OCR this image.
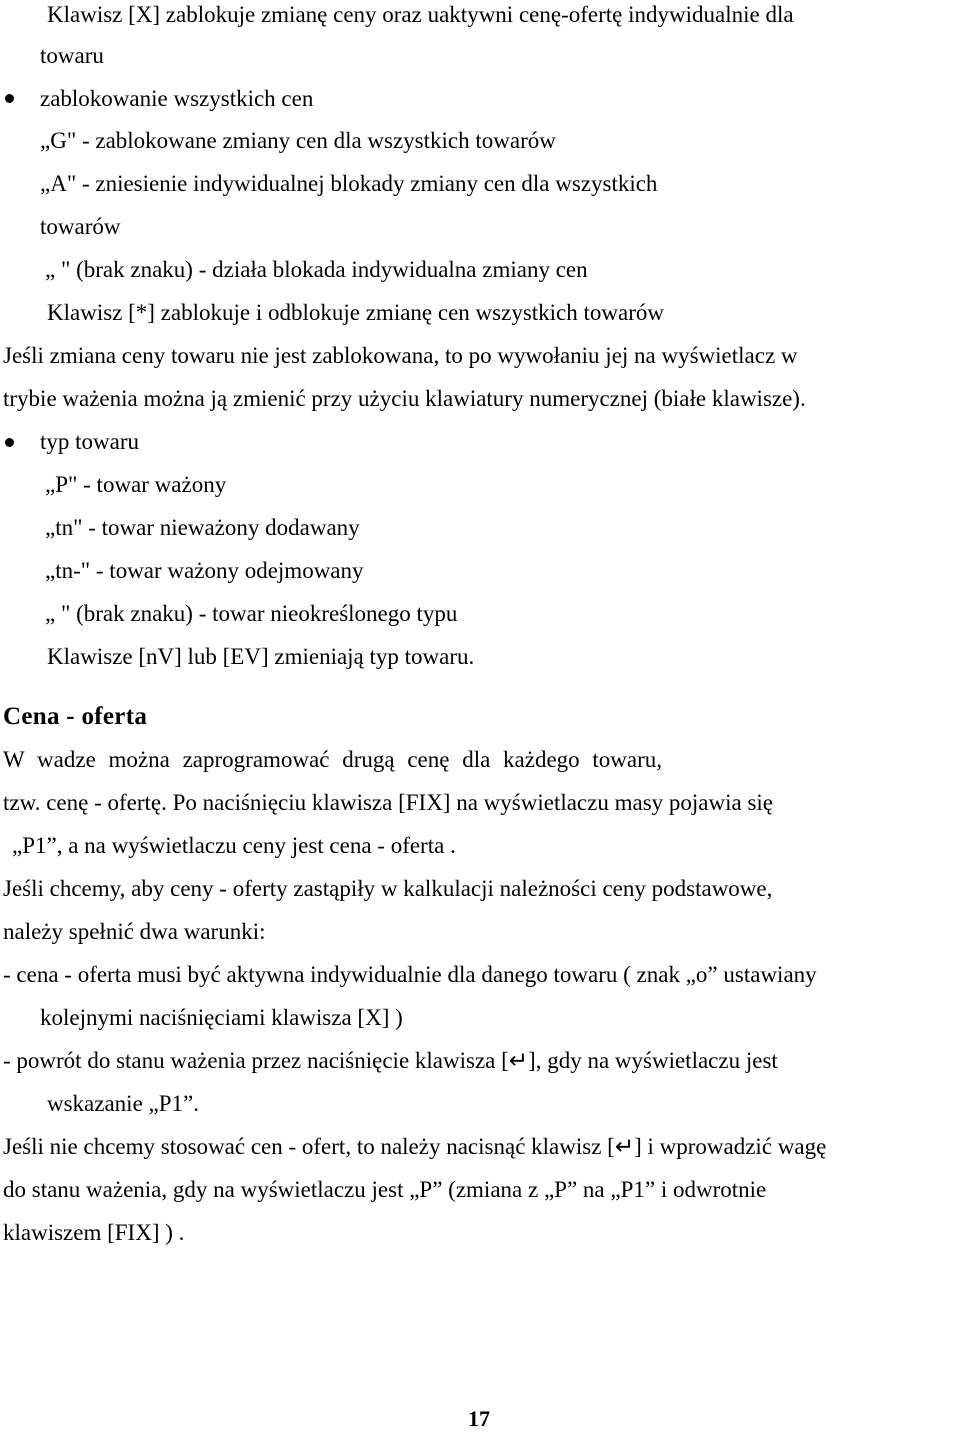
Klawisz [X] zablokuje zmianę ceny oraz uaktywni cenę-ofertę indywidualnie dla
towaru
zablokowanie wszystkich cen
„G" - zablokowane zmiany cen dla wszystkich towarów
„A" - zniesienie indywidualnej blokady zmiany cen dla wszystkich
towarów
„ " (brak znaku) - działa blokada indywidualna zmiany cen
Klawisz [*] zablokuje i odblokuje zmianę cen wszystkich towarów
Jeśli zmiana ceny towaru nie jest zablokowana, to po wywołaniu jej na wyświetlacz w
trybie ważenia można ją zmienić przy użyciu klawiatury numerycznej (białe klawisze).
typ towaru
„P" - towar ważony
„tn" - towar nieważony dodawany
„tn-" - towar ważony odejmowany
„ " (brak znaku) - towar nieokreślonego typu
Klawisze [nV] lub [EV] zmieniają typ towaru.
Cena - oferta
W wadze można zaprogramować drugą cenę dla każdego towaru,
tzw. cenę - ofertę. Po naciśnięciu klawisza [FIX] na wyświetlaczu masy pojawia się
„P1”, a na wyświetlaczu ceny jest cena - oferta .
Jeśli chcemy, aby ceny - oferty zastąpiły w kalkulacji należności ceny podstawowe,
należy spełnić dwa warunki:
- cena - oferta musi być aktywna indywidualnie dla danego towaru ( znak „o” ustawiany
kolejnymi naciśnięciami klawisza [X] )
- powrót do stanu ważenia przez naciśnięcie klawisza [↵], gdy na wyświetlaczu jest
wskazanie „P1”.
Jeśli nie chcemy stosować cen - ofert, to należy nacisnąć klawisz [↵] i wprowadzić wagę
do stanu ważenia, gdy na wyświetlaczu jest „P” (zmiana z „P” na „P1” i odwrotnie
klawiszem [FIX] ) .
17
